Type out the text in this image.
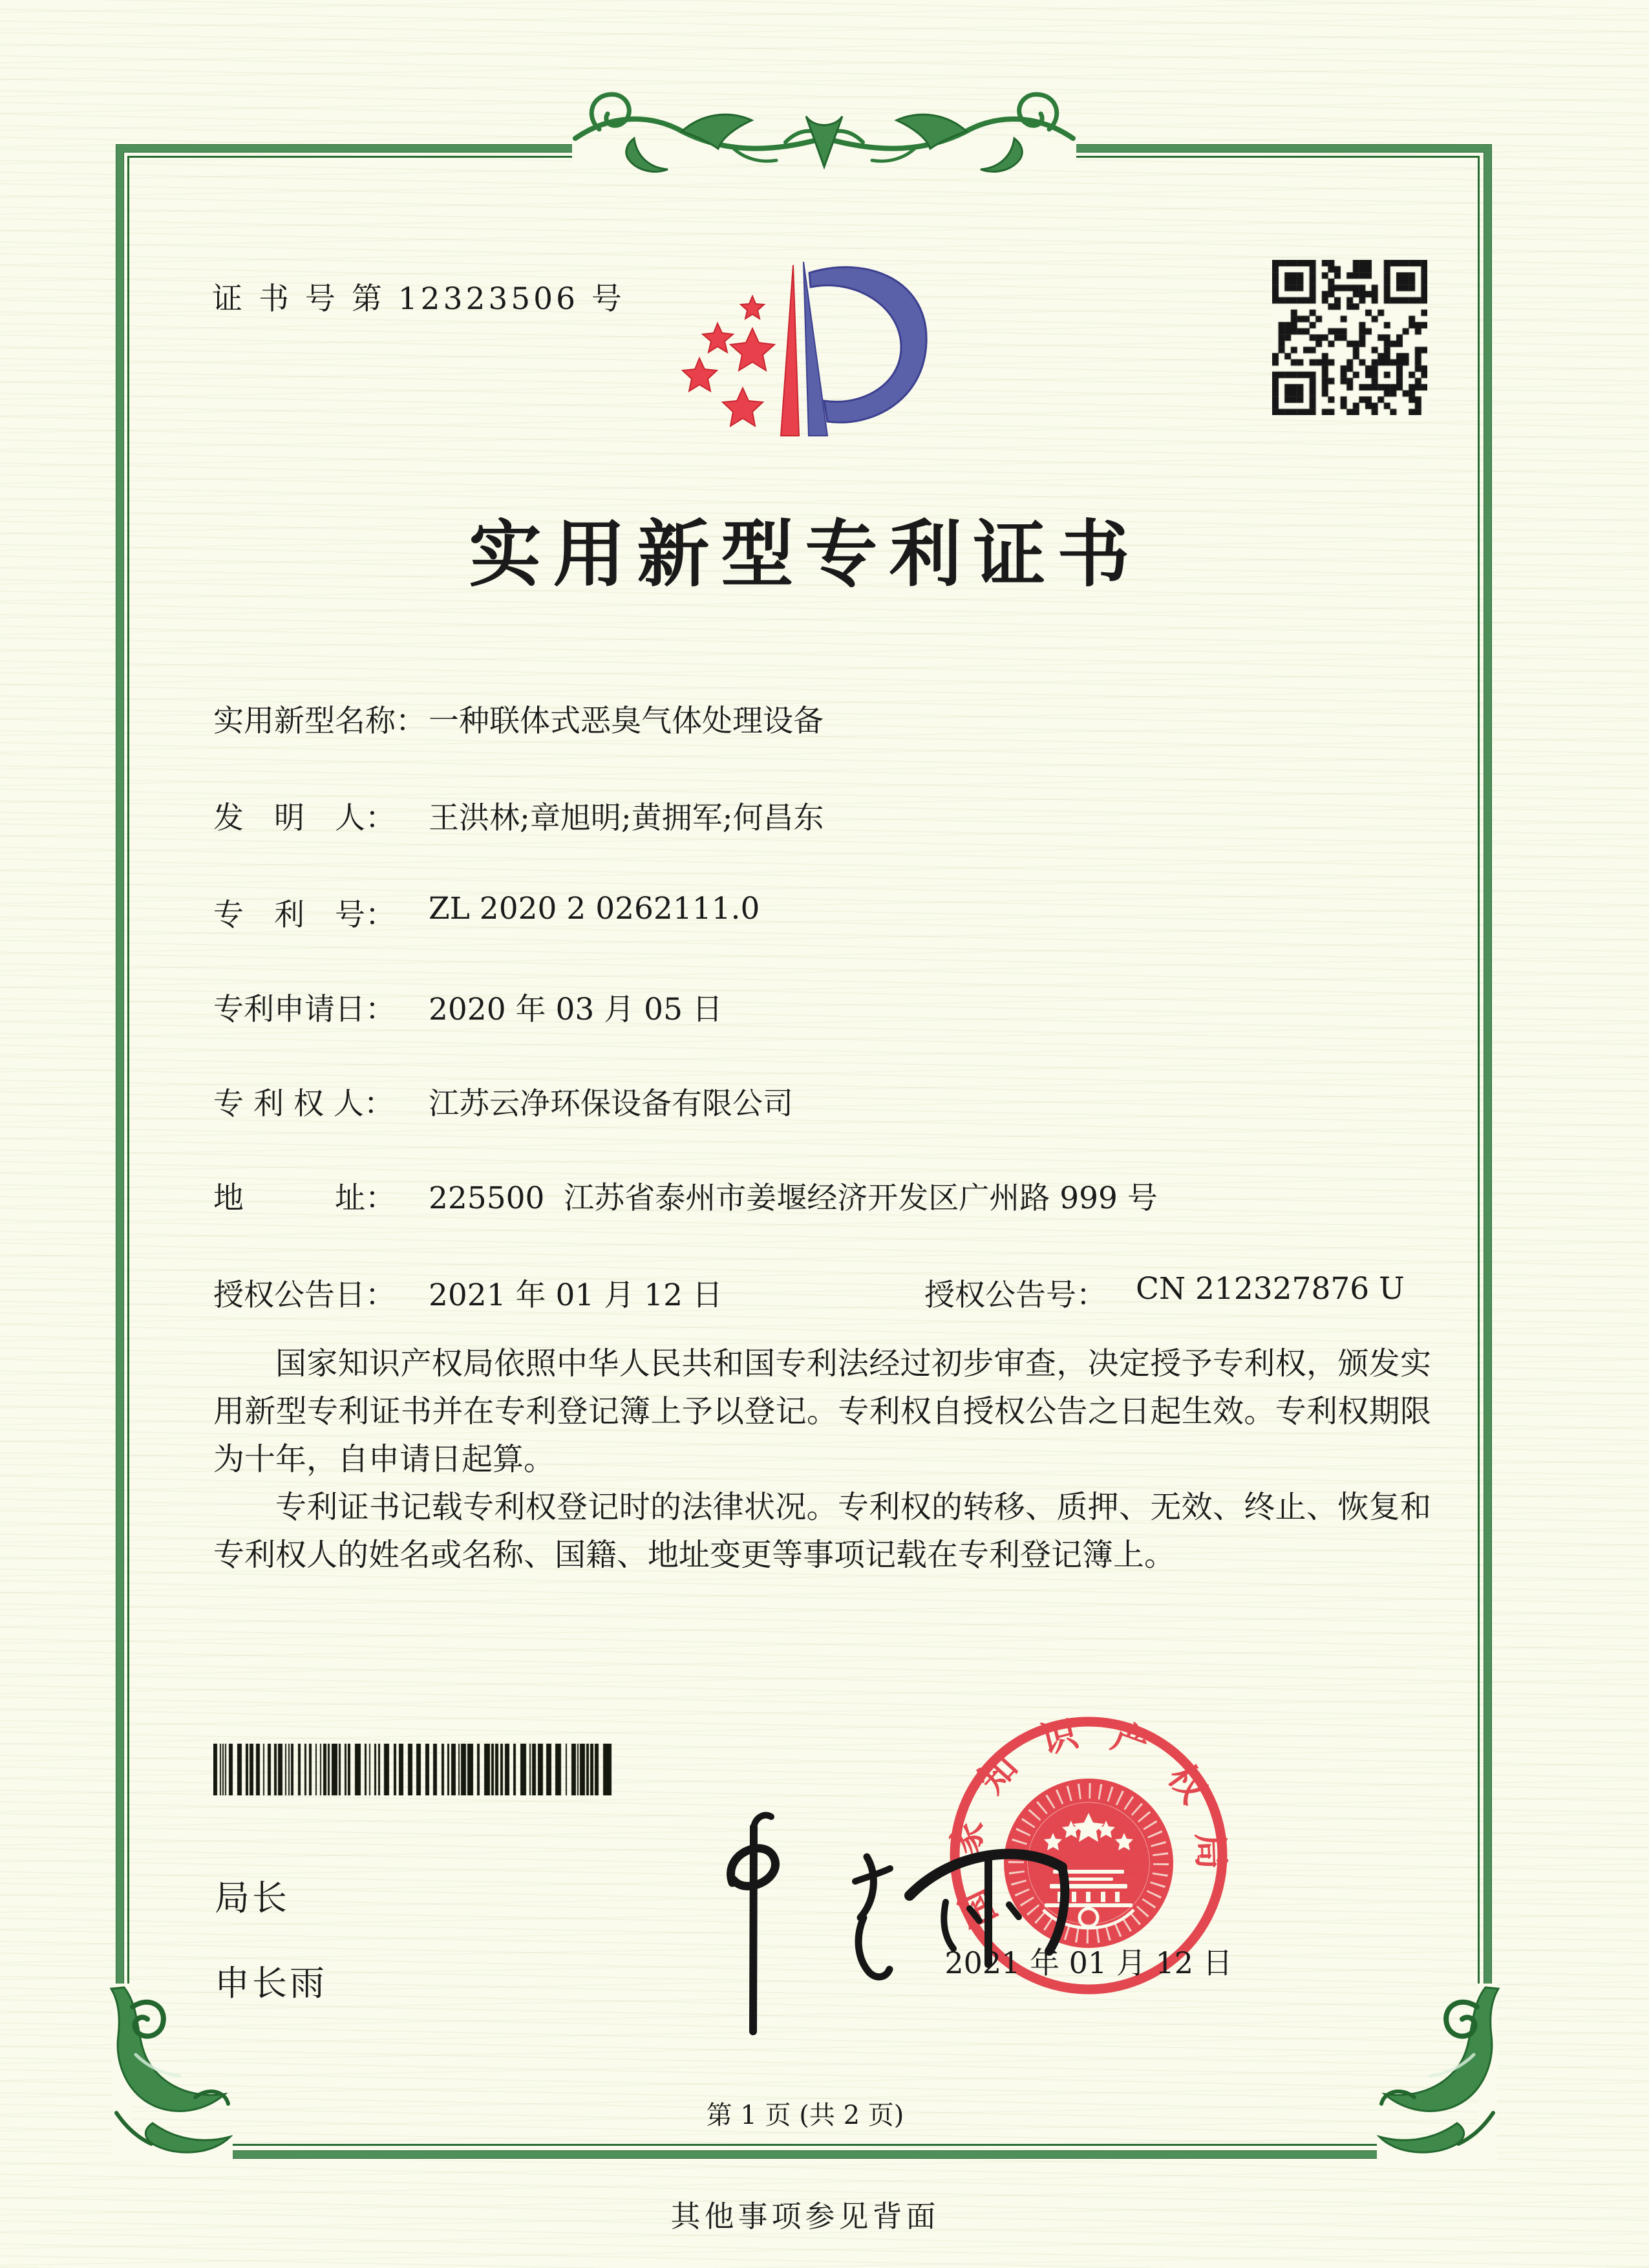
证 书 号 第 12323506 号
实用新型专利证书
实用新型名称： 一种联体式恶臭气体处理设备
发　明　人： 王洪林;章旭明;黄拥军;何昌东
专　利　号： ZL 2020 2 0262111.0
专利申请日： 2020 年 03 月 05 日
专 利 权 人： 江苏云净环保设备有限公司
地　　　址： 225500  江苏省泰州市姜堰经济开发区广州路 999 号
授权公告日： 2021 年 01 月 12 日	授权公告号： CN 212327876 U

国家知识产权局依照中华人民共和国专利法经过初步审查，决定授予专利权，颁发实用新型专利证书并在专利登记簿上予以登记。专利权自授权公告之日起生效。专利权期限为十年，自申请日起算。

专利证书记载专利权登记时的法律状况。专利权的转移、质押、无效、终止、恢复和专利权人的姓名或名称、国籍、地址变更等事项记载在专利登记簿上。

局长
申长雨
国家知识产权局
2021 年 01 月 12 日
第 1 页 (共 2 页)
其他事项参见背面
